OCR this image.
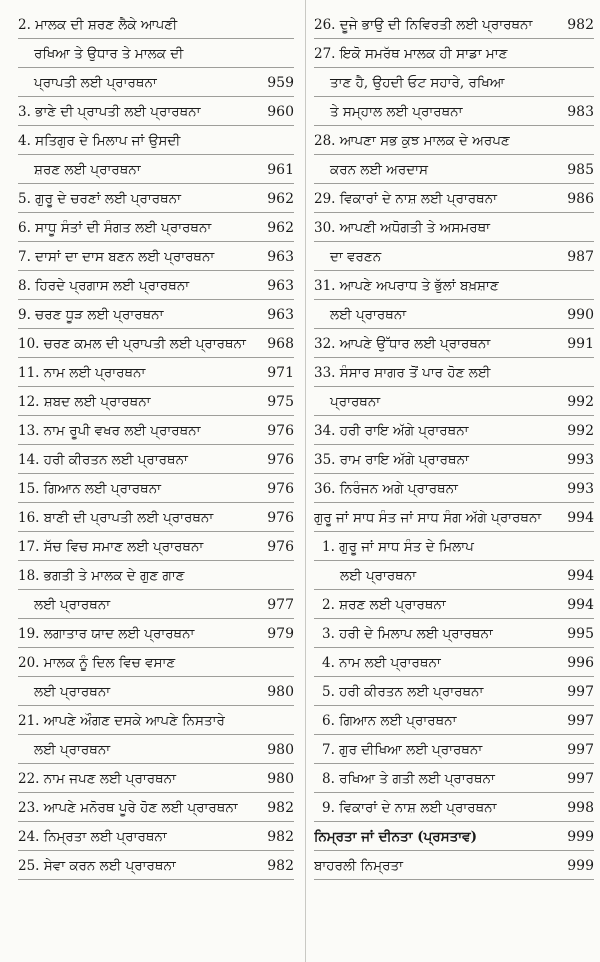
2. ਮਾਲਕ ਦੀ ਸ਼ਰਣ ਲੈਕੇ ਆਪਣੀ
ਰਖਿਆ ਤੇ ਉਧਾਰ ਤੇ ਮਾਲਕ ਦੀ
ਪ੍ਰਾਪਤੀ ਲਈ ਪ੍ਰਾਰਥਨਾ	959
3. ਭਾਣੇ ਦੀ ਪ੍ਰਾਪਤੀ ਲਈ ਪ੍ਰਾਰਥਨਾ	960
4. ਸਤਿਗੁਰ ਦੇ ਮਿਲਾਪ ਜਾਂ ਉਸਦੀ
ਸ਼ਰਣ ਲਈ ਪ੍ਰਾਰਥਨਾ	961
5. ਗੁਰੂ ਦੇ ਚਰਣਾਂ ਲਈ ਪ੍ਰਾਰਥਨਾ	962
6. ਸਾਧੂ ਸੰਤਾਂ ਦੀ ਸੰਗਤ ਲਈ ਪ੍ਰਾਰਥਨਾ	962
7. ਦਾਸਾਂ ਦਾ ਦਾਸ ਬਣਨ ਲਈ ਪ੍ਰਾਰਥਨਾ	963
8. ਹਿਰਦੇ ਪ੍ਰਗਾਸ ਲਈ ਪ੍ਰਾਰਥਨਾ	963
9. ਚਰਣ ਧੂੜ ਲਈ ਪ੍ਰਾਰਥਨਾ	963
10. ਚਰਣ ਕਮਲ ਦੀ ਪ੍ਰਾਪਤੀ ਲਈ ਪ੍ਰਾਰਥਨਾ	968
11. ਨਾਮ ਲਈ ਪ੍ਰਾਰਥਨਾ	971
12. ਸ਼ਬਦ ਲਈ ਪ੍ਰਾਰਥਨਾ	975
13. ਨਾਮ ਰੂਪੀ ਵਖਰ ਲਈ ਪ੍ਰਾਰਥਨਾ	976
14. ਹਰੀ ਕੀਰਤਨ ਲਈ ਪ੍ਰਾਰਥਨਾ	976
15. ਗਿਆਨ ਲਈ ਪ੍ਰਾਰਥਨਾ	976
16. ਬਾਣੀ ਦੀ ਪ੍ਰਾਪਤੀ ਲਈ ਪ੍ਰਾਰਥਨਾ	976
17. ਸੱਚ ਵਿਚ ਸਮਾਣ ਲਈ ਪ੍ਰਾਰਥਨਾ	976
18. ਭਗਤੀ ਤੇ ਮਾਲਕ ਦੇ ਗੁਣ ਗਾਣ
ਲਈ ਪ੍ਰਾਰਥਨਾ	977
19. ਲਗਾਤਾਰ ਯਾਦ ਲਈ ਪ੍ਰਾਰਥਨਾ	979
20. ਮਾਲਕ ਨੂੰ ਦਿਲ ਵਿਚ ਵਸਾਣ
ਲਈ ਪ੍ਰਾਰਥਨਾ	980
21. ਆਪਣੇ ਔਗਣ ਦਸਕੇ ਆਪਣੇ ਨਿਸਤਾਰੇ
ਲਈ ਪ੍ਰਾਰਥਨਾ	980
22. ਨਾਮ ਜਪਣ ਲਈ ਪ੍ਰਾਰਥਨਾ	980
23. ਆਪਣੇ ਮਨੋਰਥ ਪੂਰੇ ਹੋਣ ਲਈ ਪ੍ਰਾਰਥਨਾ	982
24. ਨਿਮ੍ਰਤਾ ਲਈ ਪ੍ਰਾਰਥਨਾ	982
25. ਸੇਵਾ ਕਰਨ ਲਈ ਪ੍ਰਾਰਥਨਾ	982
26. ਦੂਜੇ ਭਾਉ ਦੀ ਨਿਵਿਰਤੀ ਲਈ ਪ੍ਰਾਰਥਨਾ	982
27. ਇਕੋ ਸਮਰੱਥ ਮਾਲਕ ਹੀ ਸਾਡਾ ਮਾਣ
ਤਾਣ ਹੈ, ਉਹਦੀ ਓਟ ਸਹਾਰੇ, ਰਖਿਆ
ਤੇ ਸਮ੍ਹਾਲ ਲਈ ਪ੍ਰਾਰਥਨਾ	983
28. ਆਪਣਾ ਸਭ ਕੁਝ ਮਾਲਕ ਦੇ ਅਰਪਣ
ਕਰਨ ਲਈ ਅਰਦਾਸ	985
29. ਵਿਕਾਰਾਂ ਦੇ ਨਾਸ਼ ਲਈ ਪ੍ਰਾਰਥਨਾ	986
30. ਆਪਣੀ ਅਧੋਗਤੀ ਤੇ ਅਸਮਰਥਾ
ਦਾ ਵਰਣਨ	987
31. ਆਪਣੇ ਅਪਰਾਧ ਤੇ ਭੁੱਲਾਂ ਬਖ਼ਸ਼ਾਣ
ਲਈ ਪ੍ਰਾਰਥਨਾ	990
32. ਆਪਣੇ ਉੱਧਾਰ ਲਈ ਪ੍ਰਾਰਥਨਾ	991
33. ਸੰਸਾਰ ਸਾਗਰ ਤੋਂ ਪਾਰ ਹੋਣ ਲਈ
ਪ੍ਰਾਰਥਨਾ	992
34. ਹਰੀ ਰਾਇ ਅੱਗੇ ਪ੍ਰਾਰਥਨਾ	992
35. ਰਾਮ ਰਾਇ ਅੱਗੇ ਪ੍ਰਾਰਥਨਾ	993
36. ਨਿਰੰਜਨ ਅਗੇ ਪ੍ਰਾਰਥਨਾ	993
ਗੁਰੂ ਜਾਂ ਸਾਧ ਸੰਤ ਜਾਂ ਸਾਧ ਸੰਗ ਅੱਗੇ ਪ੍ਰਾਰਥਨਾ	994
1. ਗੁਰੂ ਜਾਂ ਸਾਧ ਸੰਤ ਦੇ ਮਿਲਾਪ
ਲਈ ਪ੍ਰਾਰਥਨਾ	994
2. ਸ਼ਰਣ ਲਈ ਪ੍ਰਾਰਥਨਾ	994
3. ਹਰੀ ਦੇ ਮਿਲਾਪ ਲਈ ਪ੍ਰਾਰਥਨਾ	995
4. ਨਾਮ ਲਈ ਪ੍ਰਾਰਥਨਾ	996
5. ਹਰੀ ਕੀਰਤਨ ਲਈ ਪ੍ਰਾਰਥਨਾ	997
6. ਗਿਆਨ ਲਈ ਪ੍ਰਾਰਥਨਾ	997
7. ਗੁਰ ਦੀਖਿਆ ਲਈ ਪ੍ਰਾਰਥਨਾ	997
8. ਰਖਿਆ ਤੇ ਗਤੀ ਲਈ ਪ੍ਰਾਰਥਨਾ	997
9. ਵਿਕਾਰਾਂ ਦੇ ਨਾਸ਼ ਲਈ ਪ੍ਰਾਰਥਨਾ	998
ਨਿਮ੍ਰਤਾ ਜਾਂ ਦੀਨਤਾ (ਪ੍ਰਸਤਾਵ)	999
ਬਾਹਰਲੀ ਨਿਮ੍ਰਤਾ	999
